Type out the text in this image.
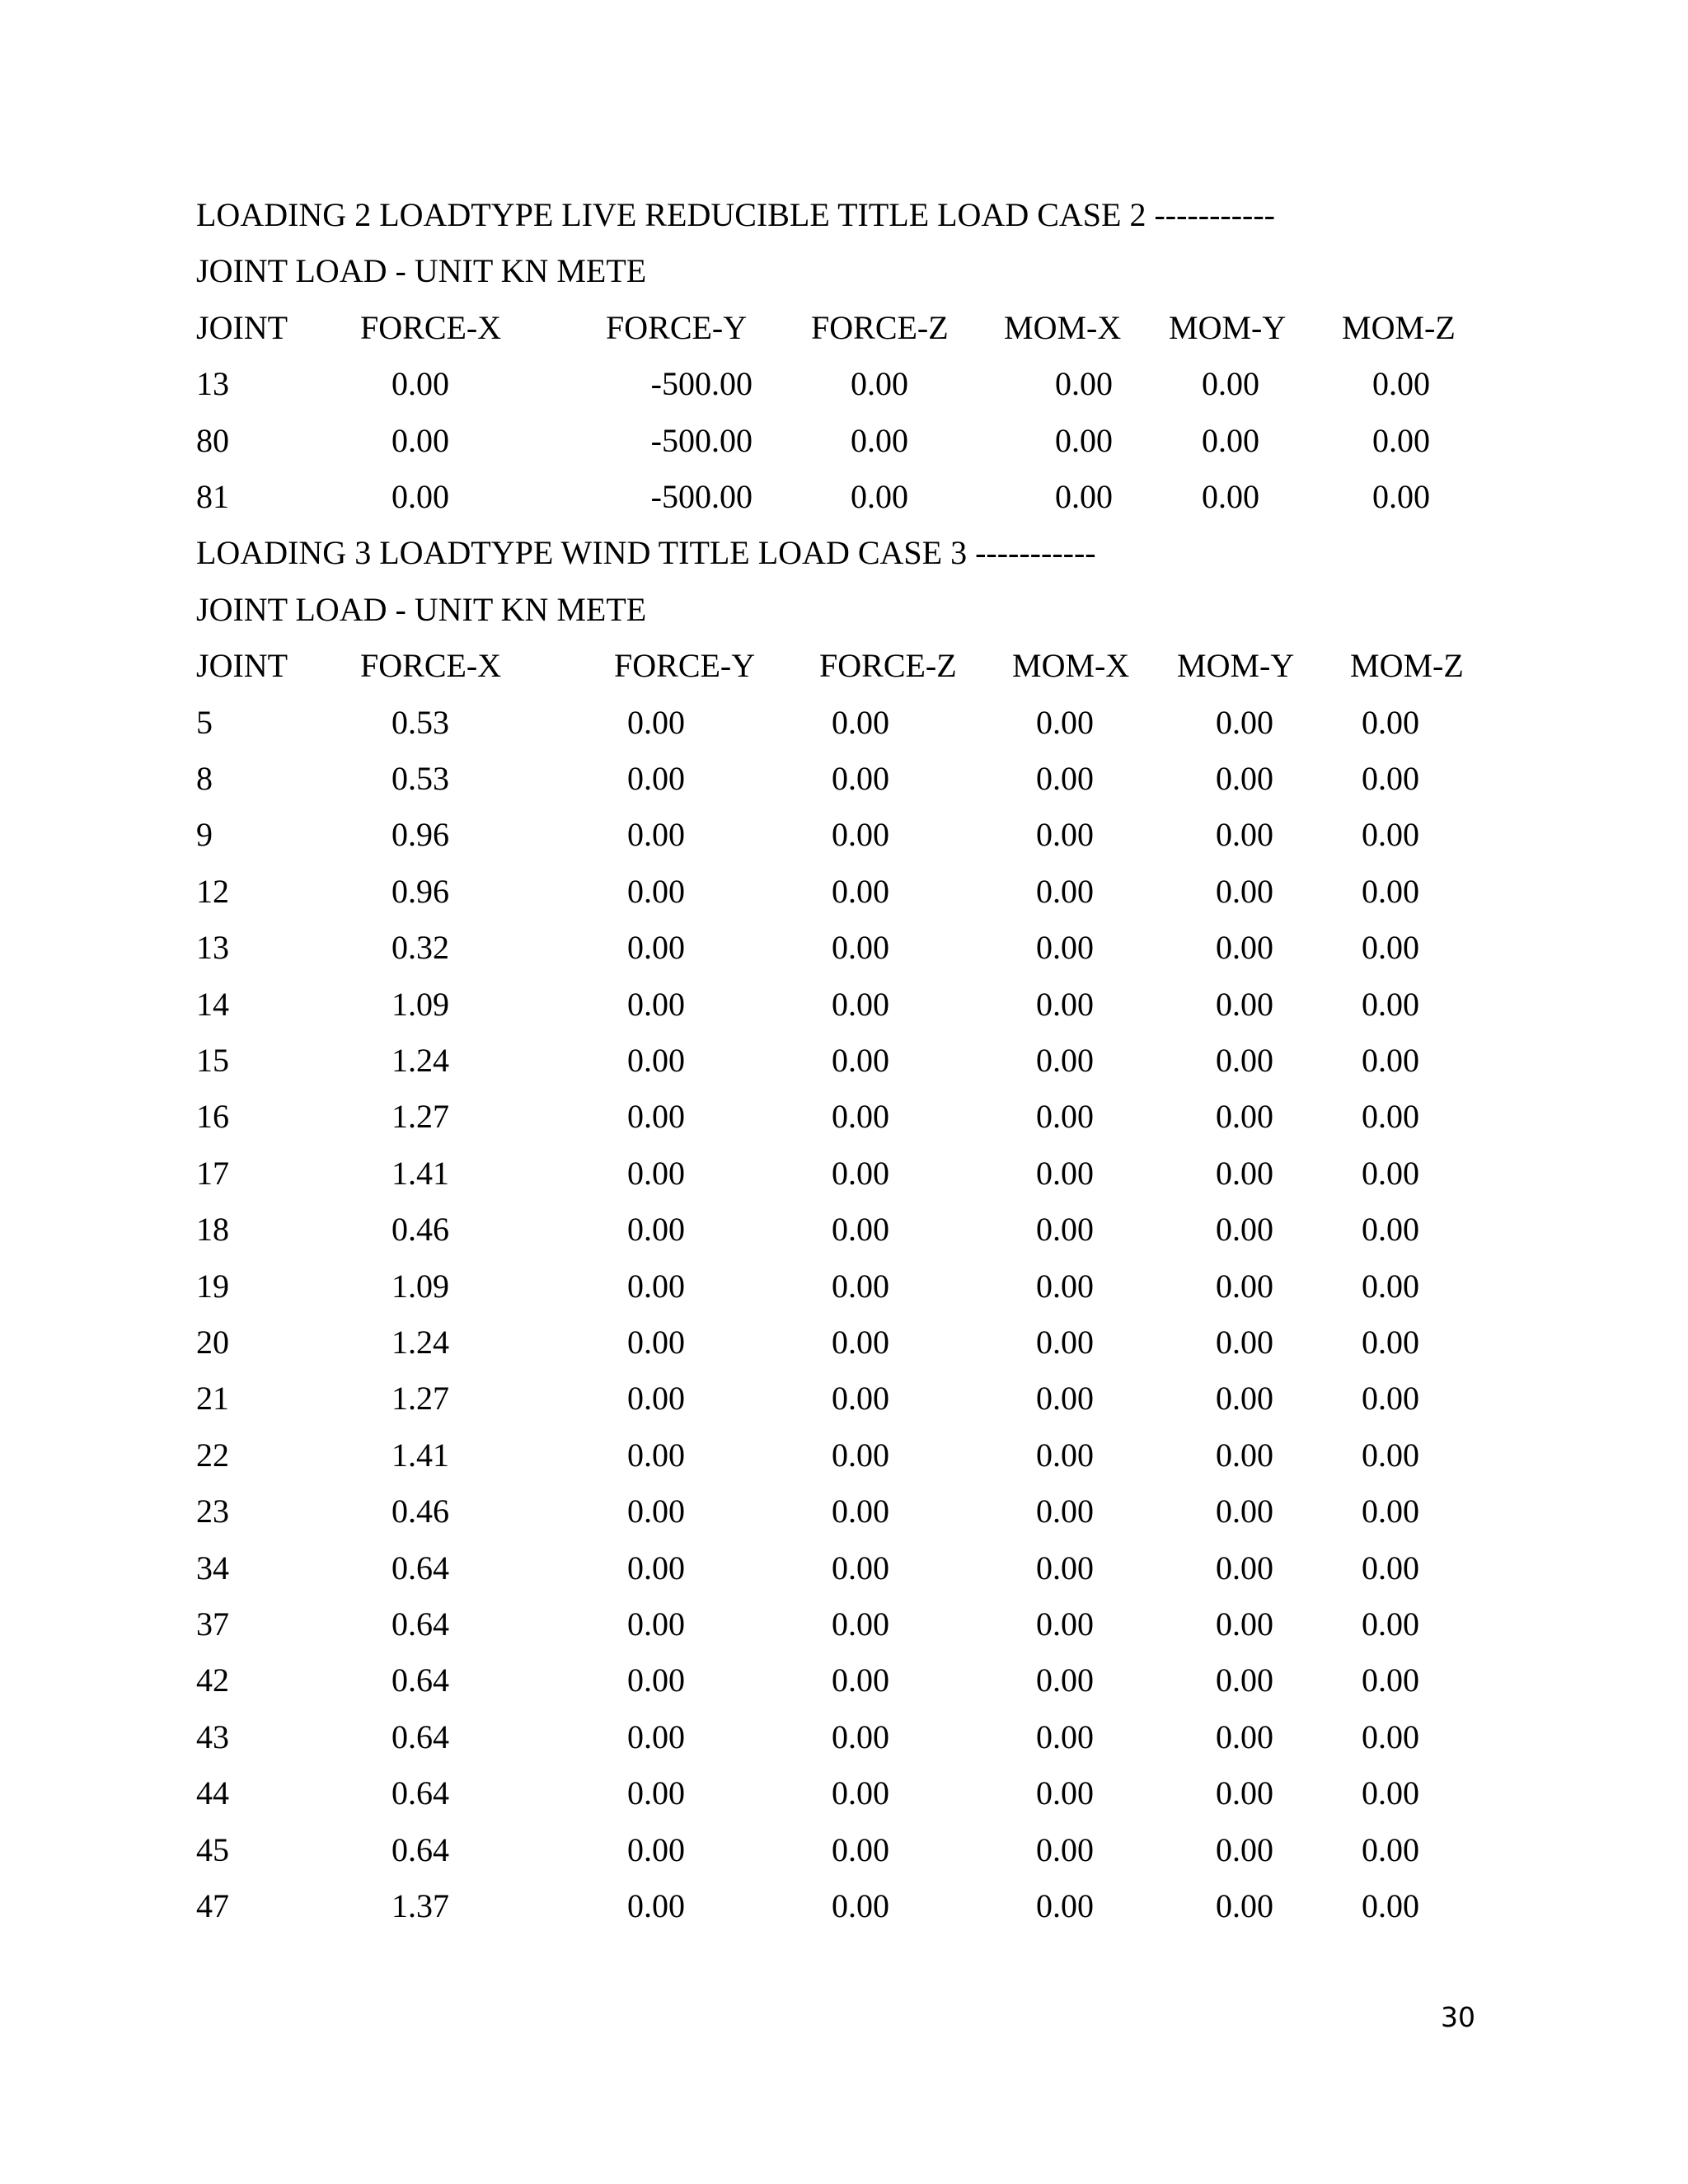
LOADING 2 LOADTYPE LIVE REDUCIBLE TITLE LOAD CASE 2 -----------
JOINT LOAD - UNIT KN METE
JOINT FORCE-X	FORCE-Y FORCE-Z MOM-X MOM-Y MOM-Z
13	0.00	-500.00	0.00	0.00	0.00	0.00
80	0.00	-500.00	0.00	0.00	0.00	0.00
81	0.00	-500.00	0.00	0.00	0.00	0.00
LOADING 3 LOADTYPE WIND TITLE LOAD CASE 3 -----------
JOINT LOAD - UNIT KN METE
JOINT FORCE-X	FORCE-Y FORCE-Z MOM-X MOM-Y MOM-Z
5	0.53	0.00	0.00	0.00	0.00	0.00
8	0.53	0.00	0.00	0.00	0.00	0.00
9	0.96	0.00	0.00	0.00	0.00	0.00
12	0.96	0.00	0.00	0.00	0.00	0.00
13	0.32	0.00	0.00	0.00	0.00	0.00
14	1.09	0.00	0.00	0.00	0.00	0.00
15	1.24	0.00	0.00	0.00	0.00	0.00
16	1.27	0.00	0.00	0.00	0.00	0.00
17	1.41	0.00	0.00	0.00	0.00	0.00
18	0.46	0.00	0.00	0.00	0.00	0.00
19	1.09	0.00	0.00	0.00	0.00	0.00
20	1.24	0.00	0.00	0.00	0.00	0.00
21	1.27	0.00	0.00	0.00	0.00	0.00
22	1.41	0.00	0.00	0.00	0.00	0.00
23	0.46	0.00	0.00	0.00	0.00	0.00
34	0.64	0.00	0.00	0.00	0.00	0.00
37	0.64	0.00	0.00	0.00	0.00	0.00
42	0.64	0.00	0.00	0.00	0.00	0.00
43	0.64	0.00	0.00	0.00	0.00	0.00
44	0.64	0.00	0.00	0.00	0.00	0.00
45	0.64	0.00	0.00	0.00	0.00	0.00
47	1.37	0.00	0.00	0.00	0.00	0.00
30
